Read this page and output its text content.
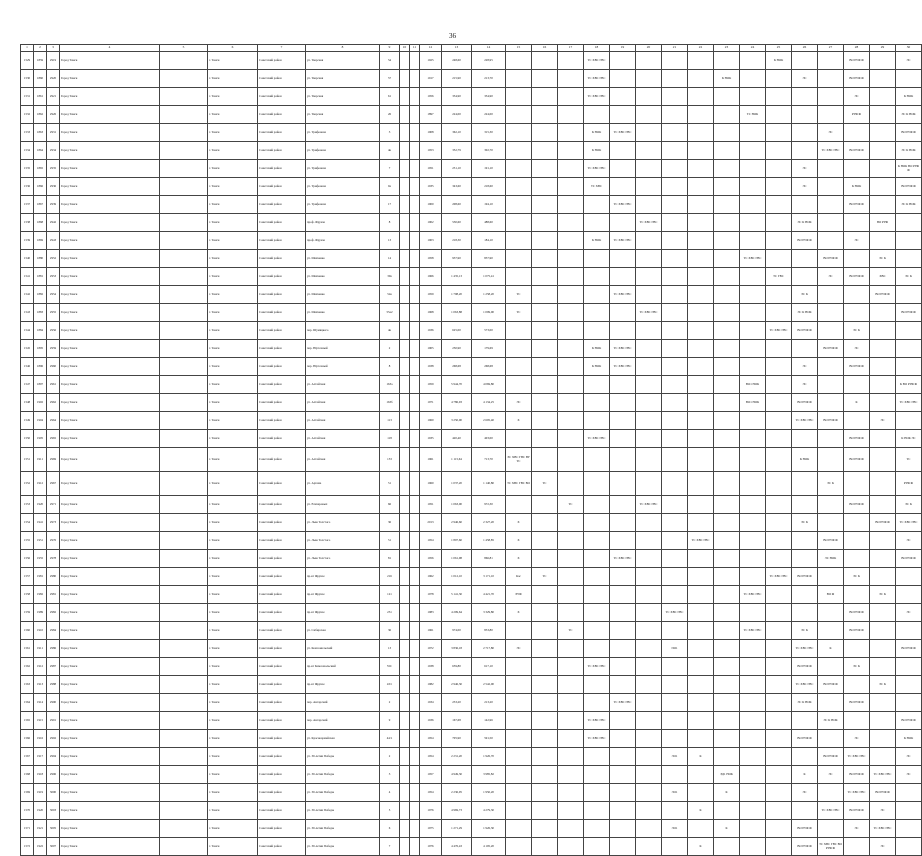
36
1	2	3	4	5	6	7	8	9	10	11	12	13	14	15	16	17	18	19	20	21	22	23	24	25	26	27	28	29	30
1529	1859	2919	Город Томск		г. Томск	Советский район	ул. Тверская	54			1925	248,60	228,95				ТС ХВС ГВС							К НОК			ВО РУФ Ф		ЭС
1530	1860	2920	Город Томск		г. Томск	Советский район	ул. Тверская	57			1917	215,90	213,70				ТС ХВС ГВС					К НОК			ЭС		ВО РУФ Ф		
1531	1861	2921	Город Томск		г. Томск	Советский район	ул. Тверская	61			1956	334,90	334,90				ТС ХВС ГВС										ЭС		К НОК
1532	1862	2926	Город Томск		г. Томск	Советский район	ул. Тверская	26			1897	224,00	224,00										ТС НОК				РУФ Ф		ЭС К НОК
1533	1863	2931	Город Томск		г. Томск	Советский район	ул. Трифонова	3			1908	362,10	315,30				К НОК	ТС ХВС ГВС								ЭС			ВО РУФ Ф
1534	1864	2934	Город Томск		г. Томск	Советский район	ул. Трифонова	4в			1953	352,79	302,70				К НОК									ТС ХВС ГВС	ВО РУФ Ф		ЭС К НОК
1535	1865	2935	Город Томск		г. Томск	Советский район	ул. Трифонова	7			1951	231,10	191,10				ТС ХВС ГВС								ЭС				К НОК ВО РУФ Ф
1536	1866	2936	Город Томск		г. Томск	Советский район	ул. Трифонова	9а			1935	343,60	218,60				ТС ХВС								ЭС		К НОК		ВО РУФ Ф
1537	1867	2939	Город Томск		г. Томск	Советский район	ул. Трифонова	17			1900	208,60	194,10					ТС ХВС ГВС									ВО РУФ Ф		ЭС К НОК
1538	1868	2942	Город Томск		г. Томск	Советский район	проф. Фрунзе	8			1902	530,60	488,60						ТС ХВС ГВС						ЭС К НОК			ВО РУФ	
1539	1869	2943	Город Томск		г. Томск	Советский район	проф. Фрунзе	13			1903	218,30	184,10				К НОК	ТС ХВС ГВС							ВО РУФ Ф		ЭС		
1540	1880	2952	Город Томск		г. Томск	Советский район	ул. Шевченко	14			1958	937,90	837,90										ТС ХВС ГВС			ВО РУФ Ф		ЭС К	
1541	1881	2953	Город Томск		г. Томск	Советский район	ул. Шевченко	39а			1966	1 435,13	1 075,41											ТС ГВС		ЭС	ВО РУФ Ф	ХВС	ЭС К
1542	1882	2954	Город Томск		г. Томск	Советский район	ул. Шевченко	54а			1959	1 798,20	1 258,20	ТС				ТС ХВС ГВС							ЭС К			ВО РУФ Ф	
1543	1883	2955	Город Томск		г. Томск	Советский район	ул. Шевченко	55а2			1968	1 063,88	1 099,00	ТС					ТС ХВС ГВС						ЭС К НОК				ВО РУФ Ф
1544	1884	2956	Город Томск		г. Томск	Советский район	пер. Шумяцкого	4в			1936	625,00	573,00											ТС ХВС ГВС	ВО РУФ Ф		ЭС К		
1545	1895	2959	Город Томск		г. Томск	Советский район	пер. Юрточный	2			1905	250,90	179,69				К НОК	ТС ХВС ГВС								ВО РУФ Ф	ЭС		
1546	1896	2960	Город Томск		г. Томск	Советский район	пер. Юрточный	8			1938	268,68	268,68				К НОК	ТС ХВС ГВС							ЭС		ВО РУФ Ф		
1547	1897	2961	Город Томск		г. Томск	Советский район	ул. Алтайская	163а			1959	5 944,70	4 069,80										ВО1 НОК		ЭС				К ВО РУФ Ф
1548	1902	2962	Город Томск		г. Томск	Советский район	ул. Алтайская	163б			1971	4 786,93	4 134,25	ЭС									ВО1 НОК		ВО РУФ Ф		К		ТС ХВС ГВС
1549	1904	2964	Город Томск		г. Томск	Советский район	ул. Алтайская	113			1960	3 250,00	2 695,40	Х											ТС ХВС ГВС	ВО РУФ Ф		ЭС	
1550	1905	2965	Город Томск		г. Томск	Советский район	ул. Алтайская	118			1935	420,40	403,00				ТС ХВС ГВС										ВО РУФ Ф		К НОК ЭС
1551	1911	2969	Город Томск		г. Томск	Советский район	ул. Алтайская	153			1961	1 115,64	713,70	ЭС ХВС ГВС ВУ ТС											К НОК		ВО РУФ Ф		ТС
1552	1912	2967	Город Томск		г. Томск	Советский район	ул. Артема	51			1960	1 037,20	1 140,80	ТС ХВС ГВС ВО	ТС											ЭС К			РУФ Ф
1553	1920	2971	Город Томск		г. Томск	Советский район	ул. Елизаровых	66			1951	1 063,00	972,30			ТС			ТС ХВС ГВС								ВО РУФ Ф		ЭС К
1554	1941	2973	Город Томск		г. Томск	Советский район	ул. Льва Толстого	36			2013	2 946,60	2 327,20	Х											ЭС К			ВО РУФ Ф	ТС ХВС ГВС
1555	1951	2976	Город Томск		г. Томск	Советский район	ул. Льва Толстого	51			1954	1 897,60	1 458,85	Х							ТС ХВС ГВС					ВО РУФ Ф			ЭС
1556	1955	2978	Город Томск		г. Томск	Советский район	ул. Льва Толстого	81			1956	1 061,98	866,81	Х				ТС ХВС ГВС								ЭС НОК			ВО РУФ Ф
1557	1981	2980	Город Томск		г. Томск	Советский район	пр-кт Фрунзе	216			1962	1 012,10	3 171,10	Кас	ТС									ТС ХВС ГВС	ВО РУФ Ф		ЭС К		
1558	1982	2981	Город Томск		г. Томск	Советский район	пр-кт Фрунзе	121			1978	5 141,30	4 421,70	РУФ									ТС ХВС ГВС			ВО Ф		ЭС К	
1559	1989	2982	Город Томск		г. Томск	Советский район	пр-кт Фрунзе	231			1983	4 299,64	3 329,80	Х						ТС ХВС ГВС							ВО РУФ Ф		ЭС
1560	1910	2984	Город Томск		г. Томск	Советский район	ул. Сибирская	36			1961	974,00	833,80			ТС							ТС ХВС ГВС		ЭС К		ВО РУФ Ф		
1561	1911	2986	Город Томск		г. Томск	Советский район	ул. Комсомольский	13			1972	3 836,18	2 717,80	ЭС						ПО1					ТС ХВС ГВС	К			ВО РУФ Ф
1562	1912	2987	Город Томск		г. Томск	Советский район	пр-кт Комсомольский	55С			1938	659,80	617,10				ТС ХВС ГВС								ВО РУФ Ф		ЭС К		
1563	1913	2988	Город Томск		г. Томск	Советский район	пр-кт Фрунзе	43/с			1982	2 946,30	2 542,00												ТС ХВС ГВС	ВО РУФ Ф		ЭС К	
1564	1914	2990	Город Томск		г. Томск	Советский район	пер. Ангарский	2			1934	233,20	213,20					ТС ХВС ГВС							ЭС К НОК		ВО РУФ Ф		
1565	1915	2991	Город Томск		г. Томск	Советский район	пер. Ангарский	9			1936	167,68	142,96				ТС ХВС ГВС									ЭС К НОК			ВО РУФ Ф
1566	1916	2992	Город Томск		г. Томск	Советский район	ул. Красноармейская	44/1			1954	705,90	591,50				ТС ХВС ГВС								ВО РУФ Ф		ЭС		К НОК
1567	1917	2994	Город Томск		г. Томск	Советский район	ул. 30-летия Победы	2			1954	2 231,20	1 926,70							ЭО1	К					ВО РУФ Ф	ТС ХВС ГВС		ЭС
1568	1918	2996	Город Томск		г. Томск	Советский район	ул. 30-летия Победы	3			1957	4 949,30	3 985,82									ЭД1 НОК			К	ЭС	ВО РУФ Ф	ТС ХВС ГВС	ЭС
1569	1919	3000	Город Томск		г. Томск	Советский район	ул. 30-летия Победы	4			1954	2 236,95	1 950,20							ЭО1		К			ЭС		ТС ХВС ГВС	ВО РУФ Ф	
1570	1920	3003	Город Томск		г. Томск	Советский район	ул. 30-летия Победы	5			1976	4 969,73	4 279,30								К					ТС ХВС ГВС	ВО РУФ Ф	ЭС	
1571	1921	3005	Город Томск		г. Томск	Советский район	ул. 30-летия Победы	6			1975	1 271,29	1 926,30							ЭО1		К			ВО РУФ Ф		ЭС	ТС ХВС ГВС	
1572	1922	3007	Город Томск		г. Томск	Советский район	ул. 30-летия Победы	7			1976	4 476,43	4 195,20								К				ВО РУФ Ф	ТС ХВС ГВС ВО РУФ Ф		ЭС	
